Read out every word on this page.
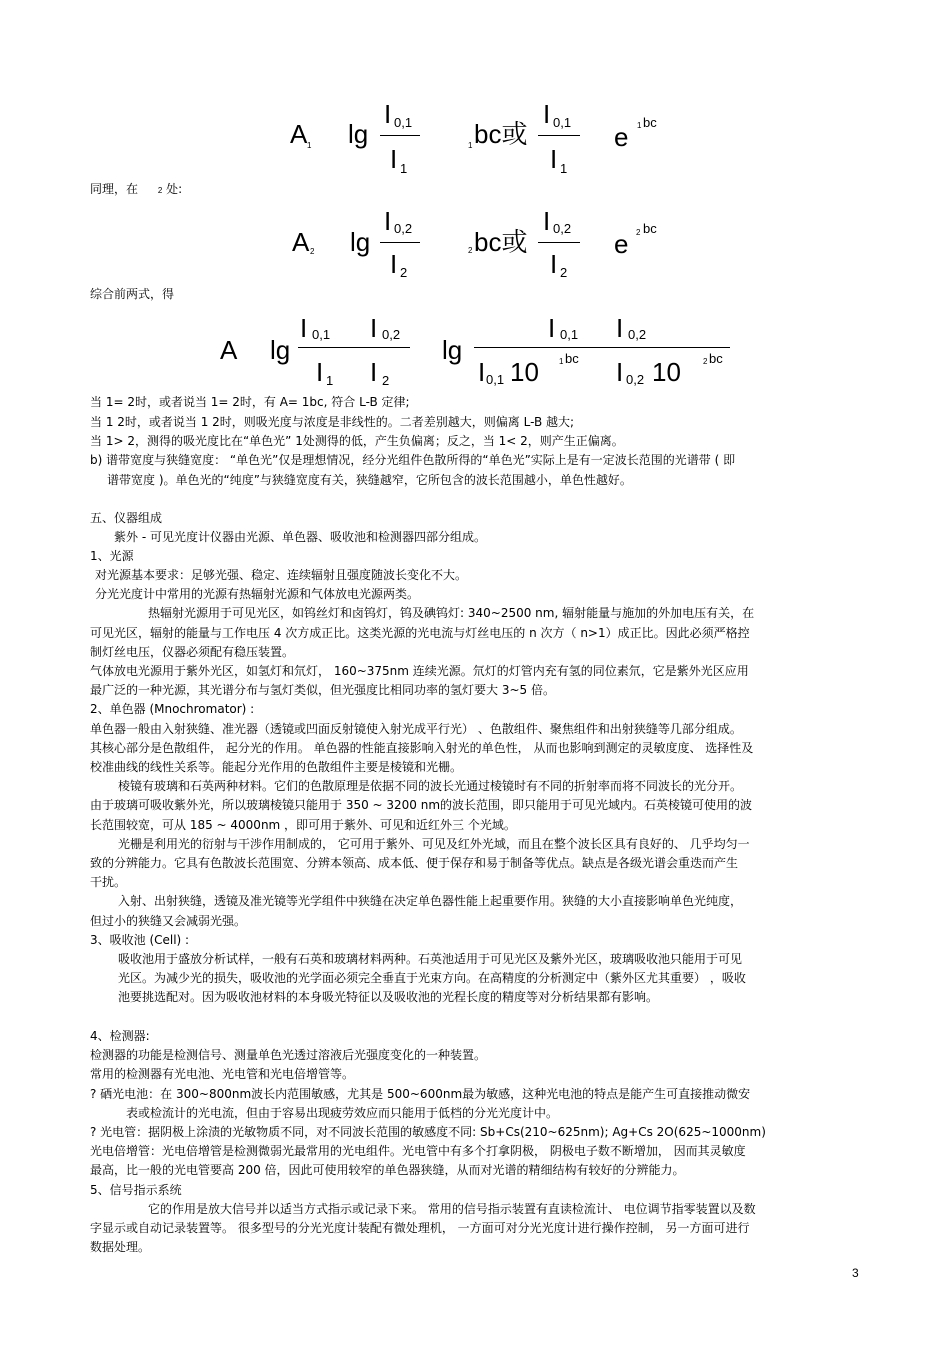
A 1 lg
I 0,1
I 1
1 bc或
I 0,1
I 1
e 1 bc
同理，在 2 处:
A 2 lg
I 0,2
I 2
2 bc或
I 0,2
I 2
e 2 bc
综合前两式，得
A lg
I 0,1 I 0,2
I 1 I 2
lg
I 0,1 I 0,2
I 0,1 10	1 bc I 0,2 10	2 bc
当 1= 2时，或者说当 1= 2时，有 A= 1bc, 符合 L-B 定律;
当 1 2时，或者说当 1 2时，则吸光度与浓度是非线性的。二者差别越大，则偏离 L-B 越大;
当 1> 2，测得的吸光度比在“单色光” 1处测得的低，产生负偏离；反之，当 1< 2，则产生正偏离。
b) 谱带宽度与狭缝宽度： “单色光”仅是理想情况，经分光组件色散所得的“单色光”实际上是有一定波长范围的光谱带 ( 即
谱带宽度 )。单色光的“纯度”与狭缝宽度有关，狭缝越窄，它所包含的波长范围越小，单色性越好。
五、仪器组成
紫外 - 可见光度计仪器由光源、单色器、吸收池和检测器四部分组成。
1、光源
对光源基本要求：足够光强、稳定、连续辐射且强度随波长变化不大。
分光光度计中常用的光源有热辐射光源和气体放电光源两类。
热辐射光源用于可见光区，如钨丝灯和卤钨灯，钨及碘钨灯: 340~2500 nm, 辐射能量与施加的外加电压有关，在
可见光区，辐射的能量与工作电压 4 次方成正比。这类光源的光电流与灯丝电压的 n 次方（ n>1）成正比。因此必须严格控
制灯丝电压，仪器必须配有稳压装置。
气体放电光源用于紫外光区，如氢灯和氘灯， 160~375nm 连续光源。氘灯的灯管内充有氢的同位素氘，它是紫外光区应用
最广泛的一种光源，其光谱分布与氢灯类似，但光强度比相同功率的氢灯要大 3~5 倍。
2、单色器 (Mnochromator) :
单色器一般由入射狭缝、准光器（透镜或凹面反射镜使入射光成平行光） 、色散组件、聚焦组件和出射狭缝等几部分组成。
其核心部分是色散组件， 起分光的作用。 单色器的性能直接影响入射光的单色性， 从而也影响到测定的灵敏度度、 选择性及
校准曲线的线性关系等。能起分光作用的色散组件主要是棱镜和光栅。
棱镜有玻璃和石英两种材料。它们的色散原理是依据不同的波长光通过棱镜时有不同的折射率而将不同波长的光分开。
由于玻璃可吸收紫外光，所以玻璃棱镜只能用于 350 ~ 3200 nm的波长范围，即只能用于可见光域内。石英棱镜可使用的波
长范围较宽，可从 185 ~ 4000nm ，即可用于紫外、可见和近红外三 个光域。
光栅是利用光的衍射与干涉作用制成的， 它可用于紫外、可见及红外光域，而且在整个波长区具有良好的、 几乎均匀一
致的分辨能力。它具有色散波长范围宽、分辨本领高、成本低、便于保存和易于制备等优点。缺点是各级光谱会重迭而产生
干扰。
入射、出射狭缝，透镜及准光镜等光学组件中狭缝在决定单色器性能上起重要作用。狭缝的大小直接影响单色光纯度，
但过小的狭缝又会减弱光强。
3、吸收池 (Cell) :
吸收池用于盛放分析试样，一般有石英和玻璃材料两种。石英池适用于可见光区及紫外光区，玻璃吸收池只能用于可见
光区。为减少光的损失，吸收池的光学面必须完全垂直于光束方向。在高精度的分析测定中（紫外区尤其重要） ，吸收
池要挑选配对。因为吸收池材料的本身吸光特征以及吸收池的光程长度的精度等对分析结果都有影响。
4、检测器:
检测器的功能是检测信号、测量单色光透过溶液后光强度变化的一种装置。
常用的检测器有光电池、光电管和光电倍增管等。
? 硒光电池：在 300~800nm波长内范围敏感，尤其是 500~600nm最为敏感，这种光电池的特点是能产生可直接推动微安
表或检流计的光电流，但由于容易出现疲劳效应而只能用于低档的分光光度计中。
? 光电管：据阴极上涂渍的光敏物质不同，对不同波长范围的敏感度不同: Sb+Cs(210~625nm); Ag+Cs 2O(625~1000nm)
光电倍增管：光电倍增管是检测微弱光最常用的光电组件。光电管中有多个打拿阴极， 阴极电子数不断增加， 因而其灵敏度
最高，比一般的光电管要高 200 倍，因此可使用较窄的单色器狭缝，从而对光谱的精细结构有较好的分辨能力。
5、信号指示系统
它的作用是放大信号并以适当方式指示或记录下来。 常用的信号指示装置有直读检流计、 电位调节指零装置以及数
字显示或自动记录装置等。 很多型号的分光光度计装配有微处理机， 一方面可对分光光度计进行操作控制， 另一方面可进行
数据处理。
3
